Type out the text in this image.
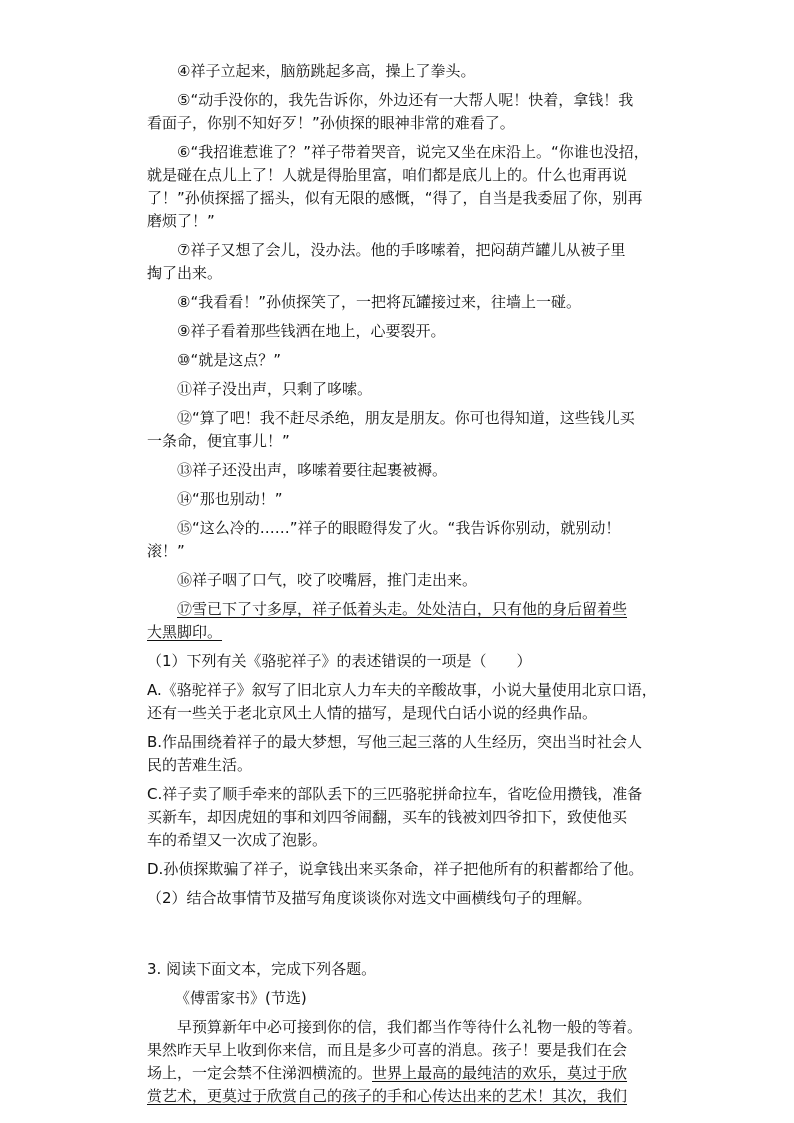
④祥子立起来，脑筋跳起多高，操上了拳头。

⑤“动手没你的，我先告诉你，外边还有一大帮人呢！快着，拿钱！我
看面子，你别不知好歹！”孙侦探的眼神非常的难看了。
⑥“我招谁惹谁了？”祥子带着哭音，说完又坐在床沿上。“你谁也没招，
就是碰在点儿上了！人就是得胎里富，咱们都是底儿上的。什么也甭再说
了！”孙侦探摇了摇头，似有无限的感慨，“得了，自当是我委屈了你，别再
磨烦了！”
⑦祥子又想了会儿，没办法。他的手哆嗦着，把闷葫芦罐儿从被子里
掏了出来。

⑧“我看看！”孙侦探笑了，一把将瓦罐接过来，往墙上一碰。

⑨祥子看着那些钱洒在地上，心要裂开。

⑩“就是这点？”

⑪祥子没出声，只剩了哆嗦。

⑫“算了吧！我不赶尽杀绝，朋友是朋友。你可也得知道，这些钱儿买
一条命，便宜事儿！”

⑬祥子还没出声，哆嗦着要往起裹被褥。

⑭“那也别动！”

⑮“这么冷的……”祥子的眼瞪得发了火。“我告诉你别动，就别动！
滚！”

⑯祥子咽了口气，咬了咬嘴唇，推门走出来。

⑰雪已下了寸多厚，祥子低着头走。处处洁白，只有他的身后留着些
大黑脚印。

（1）下列有关《骆驼祥子》的表述错误的一项是（　　）

A.《骆驼祥子》叙写了旧北京人力车夫的辛酸故事，小说大量使用北京口语，
还有一些关于老北京风土人情的描写，是现代白话小说的经典作品。
B.作品围绕着祥子的最大梦想，写他三起三落的人生经历，突出当时社会人
民的苦难生活。
C.祥子卖了顺手牵来的部队丢下的三匹骆驼拼命拉车，省吃俭用攒钱，准备
买新车，却因虎妞的事和刘四爷闹翻，买车的钱被刘四爷扣下，致使他买
车的希望又一次成了泡影。

D.孙侦探欺骗了祥子，说拿钱出来买条命，祥子把他所有的积蓄都给了他。

（2）结合故事情节及描写角度谈谈你对选文中画横线句子的理解。

3. 阅读下面文本，完成下列各题。

《傅雷家书》(节选)

早预算新年中必可接到你的信，我们都当作等待什么礼物一般的等着。
果然昨天早上收到你来信，而且是多少可喜的消息。孩子！要是我们在会
场上，一定会禁不住涕泗横流的。世界上最高的最纯洁的欢乐，莫过于欣
赏艺术，更莫过于欣赏自己的孩子的手和心传达出来的艺术！其次，我们
